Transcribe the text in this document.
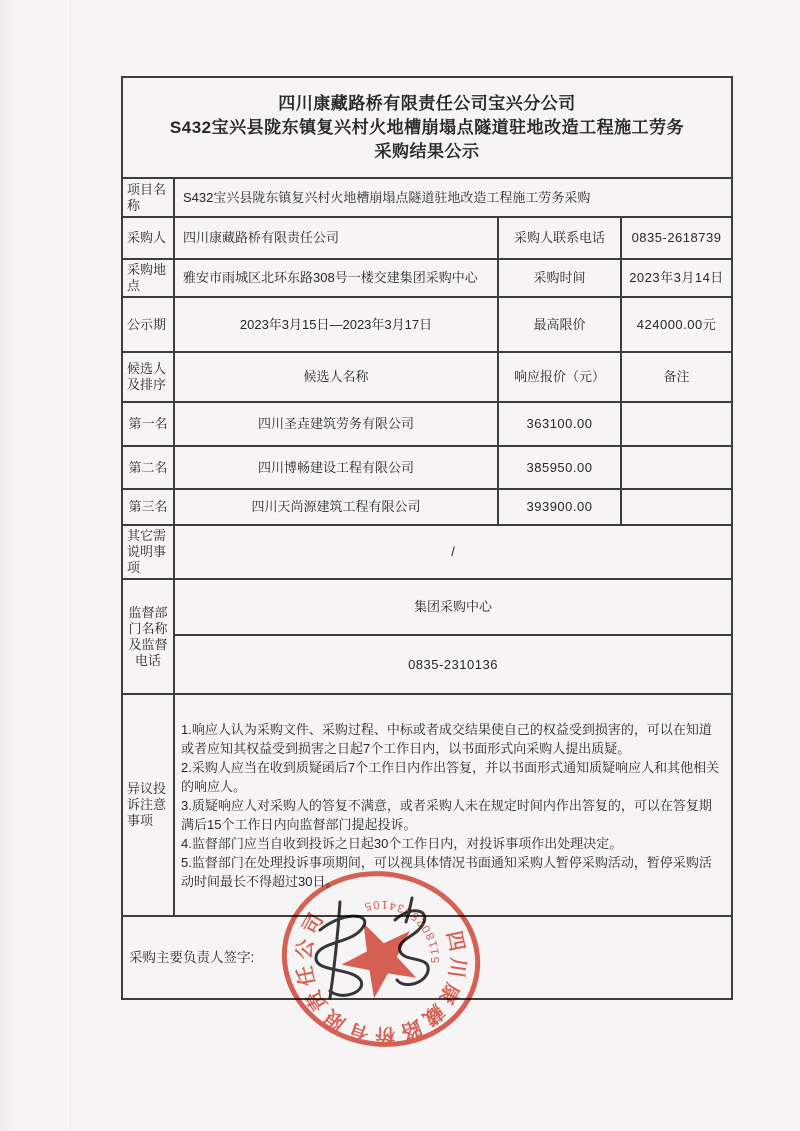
四川康藏路桥有限责任公司宝兴分公司
S432宝兴县陇东镇复兴村火地槽崩塌点隧道驻地改造工程施工劳务
采购结果公示			

项目名称	S432宝兴县陇东镇复兴村火地槽崩塌点隧道驻地改造工程施工劳务采购		
采购人	四川康藏路桥有限责任公司	采购人联系电话	0835-2618739
采购地点	雅安市雨城区北环东路308号一楼交建集团采购中心	采购时间	2023年3月14日
公示期	2023年3月15日—2023年3月17日	最高限价	424000.00元
候选人及排序	候选人名称	响应报价（元）	备注
第一名	四川圣垚建筑劳务有限公司	363100.00	
第二名	四川博畅建设工程有限公司	385950.00	
第三名	四川天尚源建筑工程有限公司	393900.00	
其它需说明事项	/		
监督部门名称及监督电话	集团采购中心		
	0835-2310136		
异议投诉注意事项	1.响应人认为采购文件、采购过程、中标或者成交结果使自己的权益受到损害的，可以在知道或者应知其权益受到损害之日起7个工作日内，以书面形式向采购人提出质疑。
2.采购人应当在收到质疑函后7个工作日内作出答复，并以书面形式通知质疑响应人和其他相关的响应人。
3.质疑响应人对采购人的答复不满意，或者采购人未在规定时间内作出答复的，可以在答复期满后15个工作日内向监督部门提起投诉。
4.监督部门应当自收到投诉之日起30个工作日内，对投诉事项作出处理决定。
5.监督部门在处理投诉事项期间，可以视具体情况书面通知采购人暂停采购活动，暂停采购活动时间最长不得超过30日。		

采购主要负责人签字:				四川康藏路桥有限责任公司
5118025034105
